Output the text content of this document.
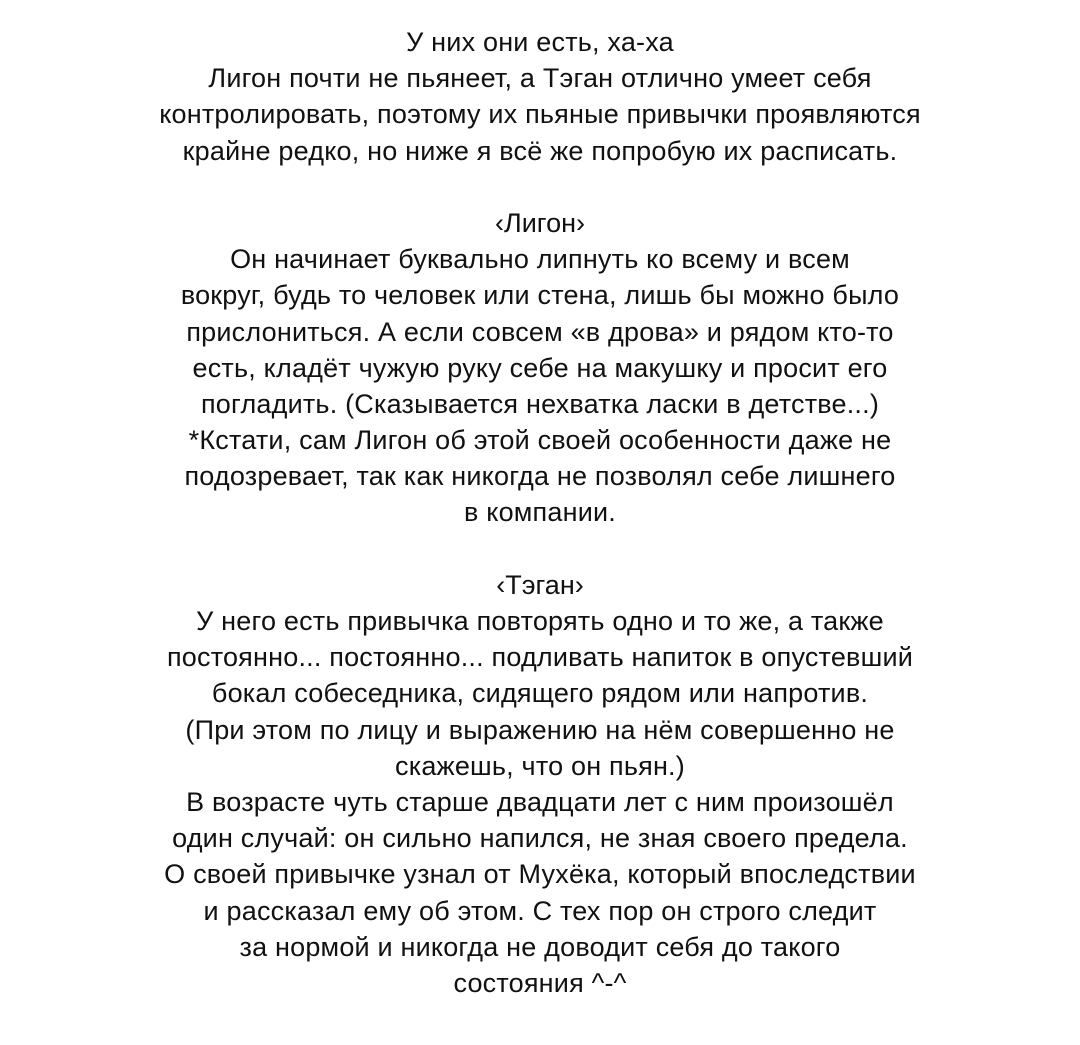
У них они есть, ха-ха
Лигон почти не пьянеет, а Тэган отлично умеет себя
контролировать, поэтому их пьяные привычки проявляются
крайне редко, но ниже я всё же попробую их расписать.
‹Лигон›
Он начинает буквально липнуть ко всему и всем
вокруг, будь то человек или стена, лишь бы можно было
прислониться. А если совсем «в дрова» и рядом кто-то
есть, кладёт чужую руку себе на макушку и просит его
погладить. (Сказывается нехватка ласки в детстве...)
*Кстати, сам Лигон об этой своей особенности даже не
подозревает, так как никогда не позволял себе лишнего
в компании.
‹Тэган›
У него есть привычка повторять одно и то же, а также
постоянно... постоянно... подливать напиток в опустевший
бокал собеседника, сидящего рядом или напротив.
(При этом по лицу и выражению на нём совершенно не
скажешь, что он пьян.)
В возрасте чуть старше двадцати лет с ним произошёл
один случай: он сильно напился, не зная своего предела.
О своей привычке узнал от Мухёка, который впоследствии
и рассказал ему об этом. С тех пор он строго следит
за нормой и никогда не доводит себя до такого
состояния ^-^
